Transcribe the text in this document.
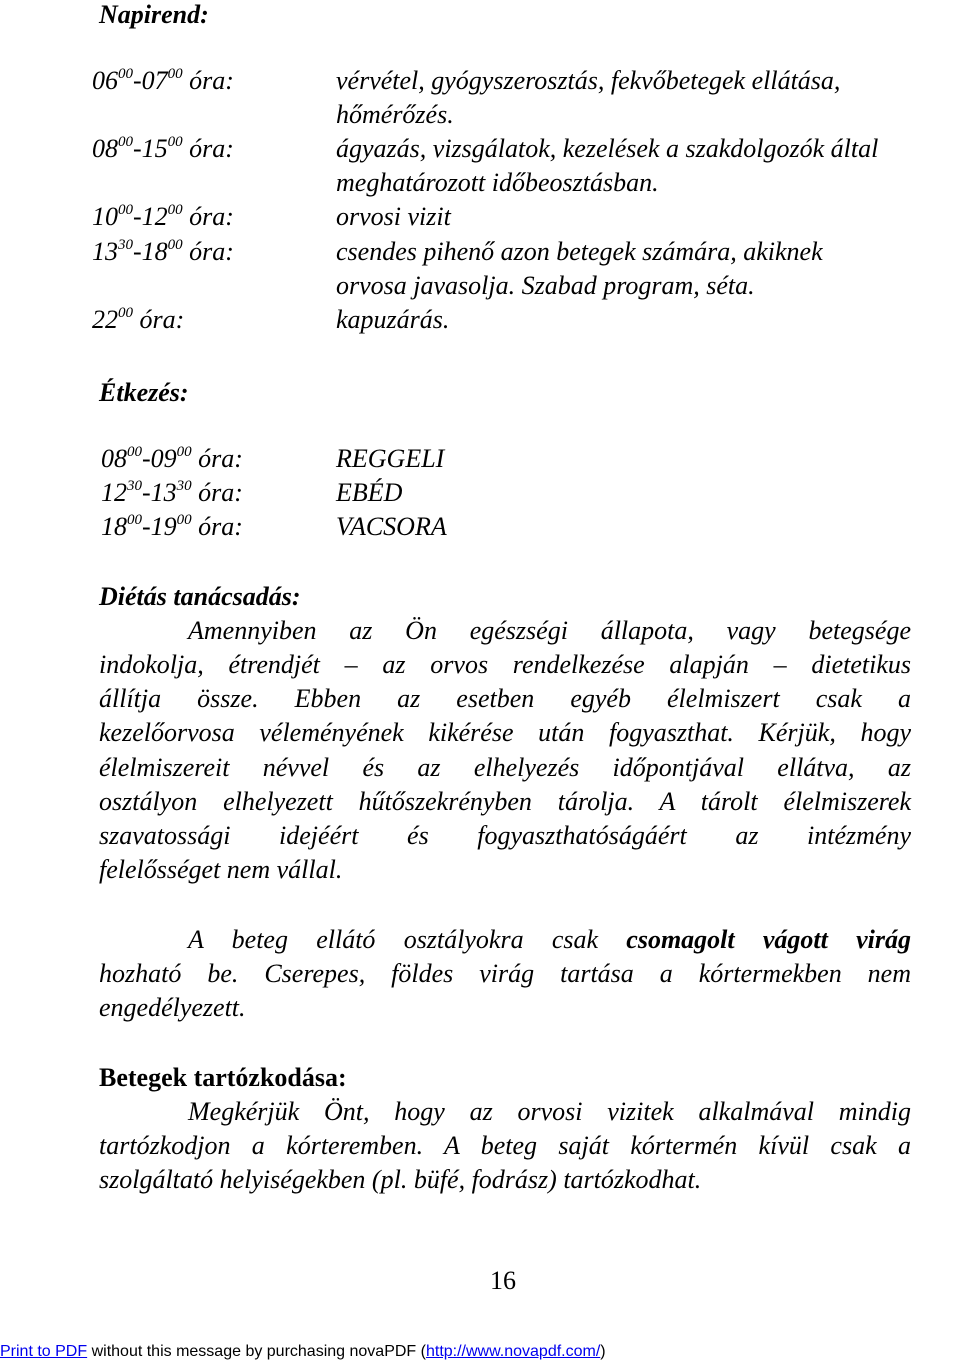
Napirend:
$06^{00}-07^{00}$ óra:	vérvétel, gyógyszerosztás, fekvőbetegek ellátása,
hőmérőzés.
$08^{00}-15^{00}$ óra:	ágyazás, vizsgálatok, kezelések a szakdolgozók által
meghatározott időbeosztásban.
$10^{00}-12^{00}$ óra:	orvosi vizit
$13^{30}-18^{00}$ óra:	csendes pihenő azon betegek számára, akiknek
orvosa javasolja. Szabad program, séta.
$22^{00}$ óra:	kapuzárás.
Étkezés:
$08^{00}-09^{00}$ óra:	REGGELI
$12^{30}-13^{30}$ óra:	EBÉD
$18^{00}-19^{00}$ óra:	VACSORA
Diétás tanácsadás:
Amennyiben az Ön egészségi állapota, vagy betegsége
indokolja, étrendjét – az orvos rendelkezése alapján – dietetikus
állítja össze. Ebben az esetben egyéb élelmiszert csak a
kezelőorvosa véleményének kikérése után fogyaszthat. Kérjük, hogy
élelmiszereit névvel és az elhelyezés időpontjával ellátva, az
osztályon elhelyezett hűtőszekrényben tárolja. A tárolt élelmiszerek
szavatossági idejéért és fogyaszthatóságáért az intézmény
felelősséget nem vállal.
A beteg ellátó osztályokra csak csomagolt vágott virág
hozható be. Cserepes, földes virág tartása a kórtermekben nem
engedélyezett.
Betegek tartózkodása:
Megkérjük Önt, hogy az orvosi vizitek alkalmával mindig
tartózkodjon a kórteremben. A beteg saját kórtermén kívül csak a
szolgáltató helyiségekben (pl. büfé, fodrász) tartózkodhat.
16
Print to PDF without this message by purchasing novaPDF (http://www.novapdf.com/)
